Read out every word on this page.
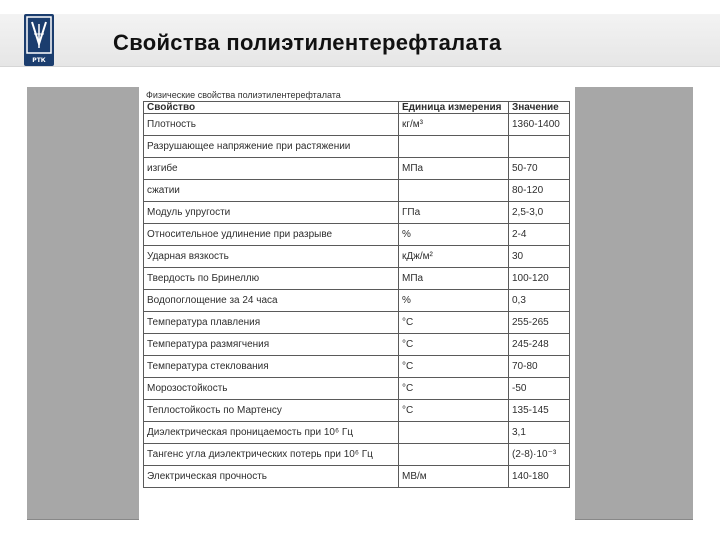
РТК
Свойства полиэтилентерефталата
Физические свойства полиэтилентерефталата
Свойство	Единица измерения	Значение
Плотность	кг/м³	1360-1400
Разрушающее напряжение при растяжении		
изгибе	МПа	50-70
сжатии		80-120
Модуль упругости	ГПа	2,5-3,0
Относительное удлинение при разрыве	%	2-4
Ударная вязкость	кДж/м²	30
Твердость по Бринеллю	МПа	100-120
Водопоглощение за 24 часа	%	0,3
Температура плавления	°С	255-265
Температура размягчения	°С	245-248
Температура стеклования	°С	70-80
Морозостойкость	°С	-50
Теплостойкость по Мартенсу	°С	135-145
Диэлектрическая проницаемость при 10⁶ Гц		3,1
Тангенс угла диэлектрических потерь при 10⁶ Гц		(2-8)·10⁻³
Электрическая прочность	МВ/м	140-180
